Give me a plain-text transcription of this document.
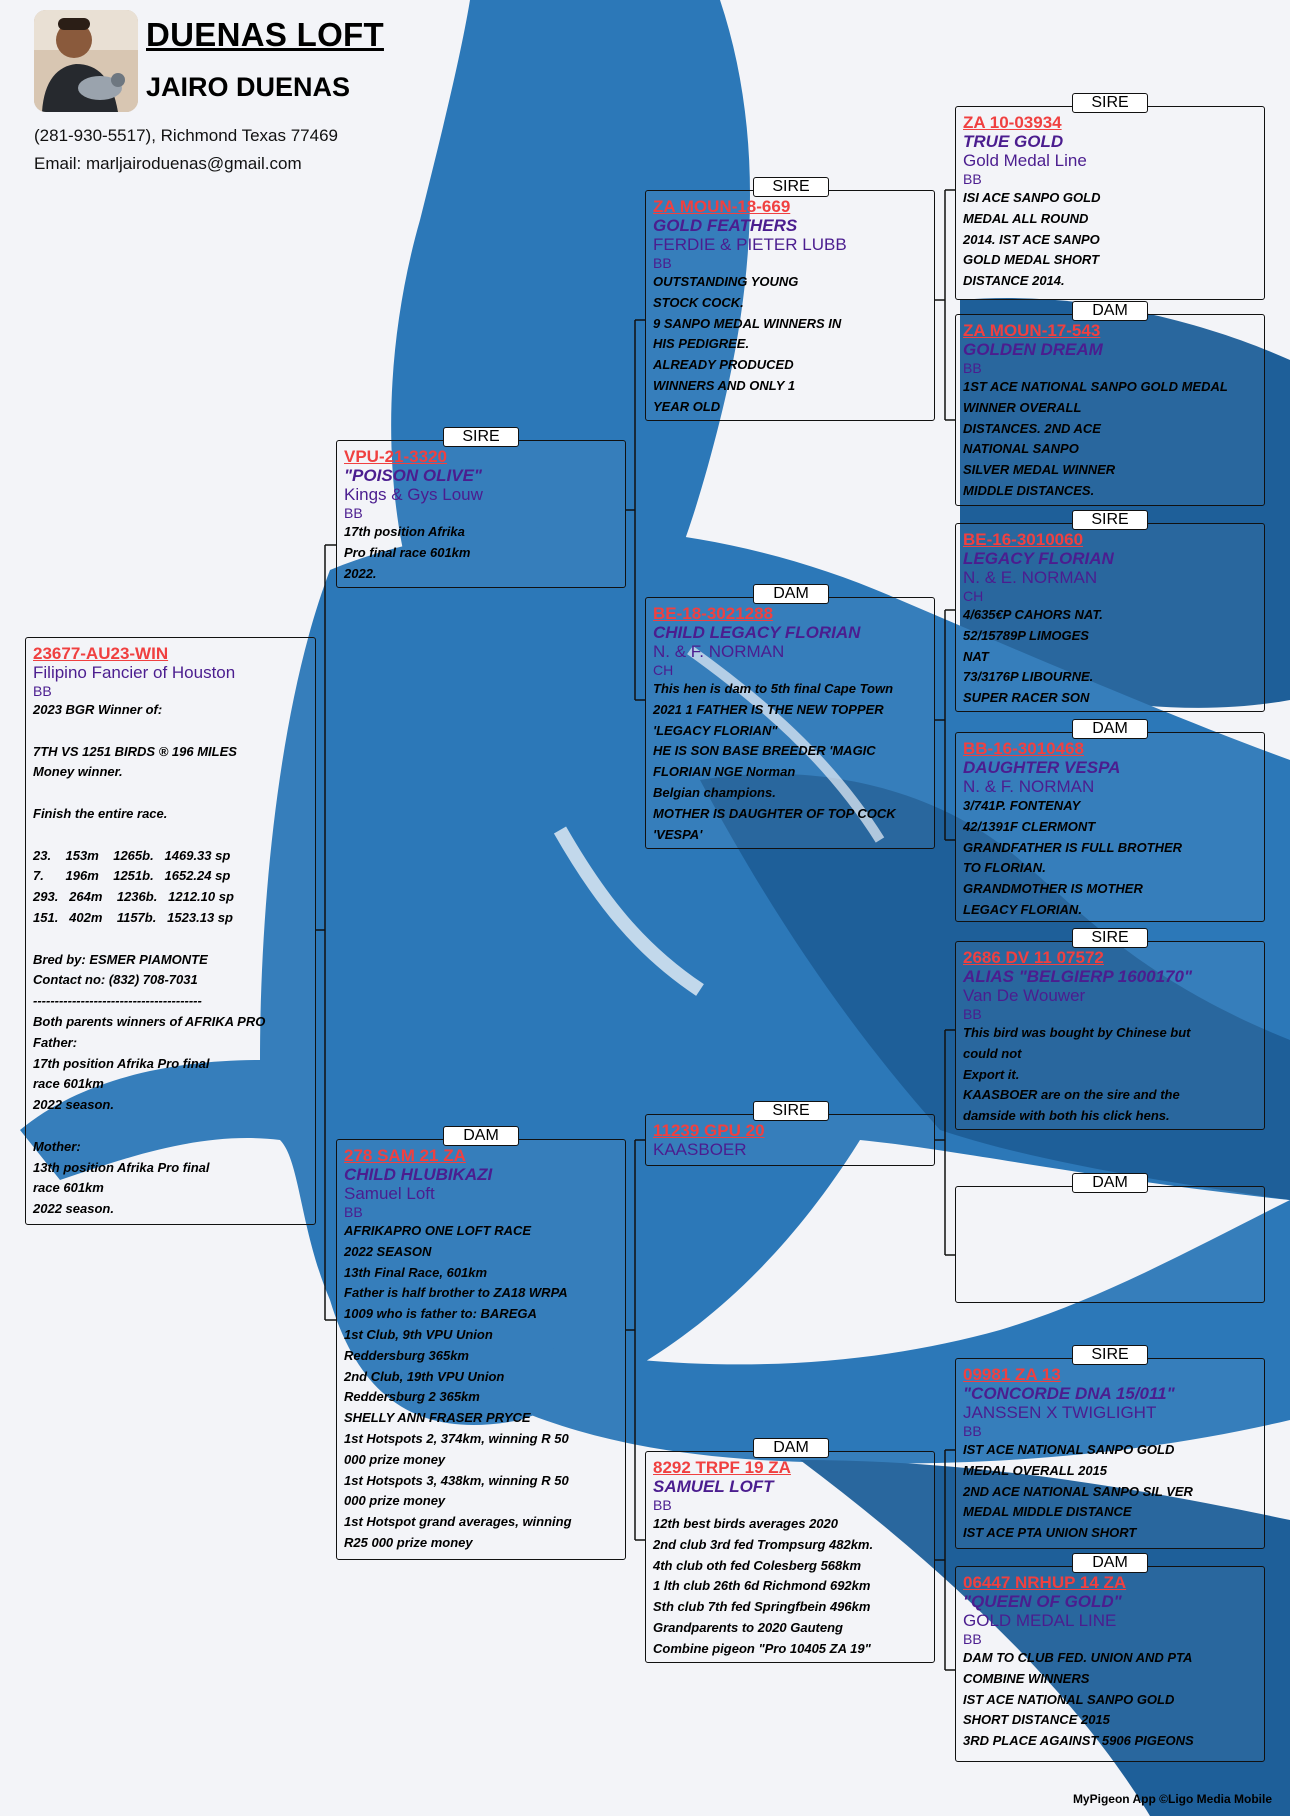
DUENAS LOFT
JAIRO DUENAS
(281-930-5517), Richmond Texas 77469
Email: marljairoduenas@gmail.com
23677-AU23-WIN
Filipino Fancier of Houston
BB
2023 BGR Winner of:

7TH VS 1251 BIRDS ® 196 MILES
Money winner.

Finish the entire race.

23.    153m    1265b.   1469.33 sp
7.      196m    1251b.   1652.24 sp
293.   264m    1236b.   1212.10 sp
151.   402m    1157b.   1523.13 sp

Bred by: ESMER PIAMONTE
Contact no: (832) 708-7031
---------------------------------------
Both parents winners of AFRIKA PRO
Father:
17th position Afrika Pro final
race 601km
2022 season.

Mother:
13th position Afrika Pro final
race 601km
2022 season.
SIRE
VPU-21-3320
"POISON OLIVE"
Kings & Gys Louw
BB
17th position Afrika
Pro final race 601km
2022.
DAM
278 SAM 21 ZA
CHILD HLUBIKAZI
Samuel Loft
BB
AFRIKAPRO ONE LOFT RACE
2022 SEASON
13th Final Race, 601km
Father is half brother to ZA18 WRPA
1009 who is father to: BAREGA
1st Club, 9th VPU Union
Reddersburg 365km
2nd Club, 19th VPU Union
Reddersburg 2 365km
SHELLY ANN FRASER PRYCE
1st Hotspots 2, 374km, winning R 50
000 prize money
1st Hotspots 3, 438km, winning R 50
000 prize money
1st Hotspot grand averages, winning
R25 000 prize money
SIRE
ZA MOUN-18-669
GOLD FEATHERS
FERDIE & PIETER LUBB
BB
OUTSTANDING YOUNG
STOCK COCK.
9 SANPO MEDAL WINNERS IN
HIS PEDIGREE.
ALREADY PRODUCED
WINNERS AND ONLY 1
YEAR OLD
DAM
BE-18-3021288
CHILD LEGACY FLORIAN
N. & F. NORMAN
CH
This hen is dam to 5th final Cape Town
2021 1 FATHER IS THE NEW TOPPER
'LEGACY FLORIAN"
HE IS SON BASE BREEDER 'MAGIC
FLORIAN NGE Norman
Belgian champions.
MOTHER IS DAUGHTER OF TOP COCK
'VESPA'
SIRE
11239 GPU 20
KAASBOER
DAM
8292 TRPF 19 ZA
SAMUEL LOFT
BB
12th best birds averages 2020
2nd club 3rd fed Trompsurg 482km.
4th club oth fed Colesberg 568km
1 lth club 26th 6d Richmond 692km
Sth club 7th fed Springfbein 496km
Grandparents to 2020 Gauteng
Combine pigeon "Pro 10405 ZA 19"
SIRE
ZA 10-03934
TRUE GOLD
Gold Medal Line
BB
ISI ACE SANPO GOLD
MEDAL ALL ROUND
2014. IST ACE SANPO
GOLD MEDAL SHORT
DISTANCE 2014.
DAM
ZA MOUN-17-543
GOLDEN DREAM
BB
1ST ACE NATIONAL SANPO GOLD MEDAL
WINNER OVERALL
DISTANCES. 2ND ACE
NATIONAL SANPO
SILVER MEDAL WINNER
MIDDLE DISTANCES.
SIRE
BE-16-3010060
LEGACY FLORIAN
N. & E. NORMAN
CH
4/635€P CAHORS NAT.
52/15789P LIMOGES
NAT
73/3176P LIBOURNE.
SUPER RACER SON
DAM
BB-16-3010468
DAUGHTER VESPA
N. & F. NORMAN
3/741P. FONTENAY
42/1391F CLERMONT
GRANDFATHER IS FULL BROTHER
TO FLORIAN.
GRANDMOTHER IS MOTHER
LEGACY FLORIAN.
SIRE
2686 DV 11 07572
ALIAS "BELGIERP 1600170"
Van De Wouwer
BB
This bird was bought by Chinese but
could not
Export it.
KAASBOER are on the sire and the
damside with both his click hens.
DAM
SIRE
09981 ZA 13
"CONCORDE DNA 15/011"
JANSSEN X TWIGLIGHT
BB
IST ACE NATIONAL SANPO GOLD
MEDAL OVERALL 2015
2ND ACE NATIONAL SANPO SIL VER
MEDAL MIDDLE DISTANCE
IST ACE PTA UNION SHORT
DAM
06447 NRHUP 14 ZA
"QUEEN OF GOLD"
GOLD MEDAL LINE
BB
DAM TO CLUB FED. UNION AND PTA
COMBINE WINNERS
IST ACE NATIONAL SANPO GOLD
SHORT DISTANCE 2015
3RD PLACE AGAINST 5906 PIGEONS
MyPigeon App ©Ligo Media Mobile
